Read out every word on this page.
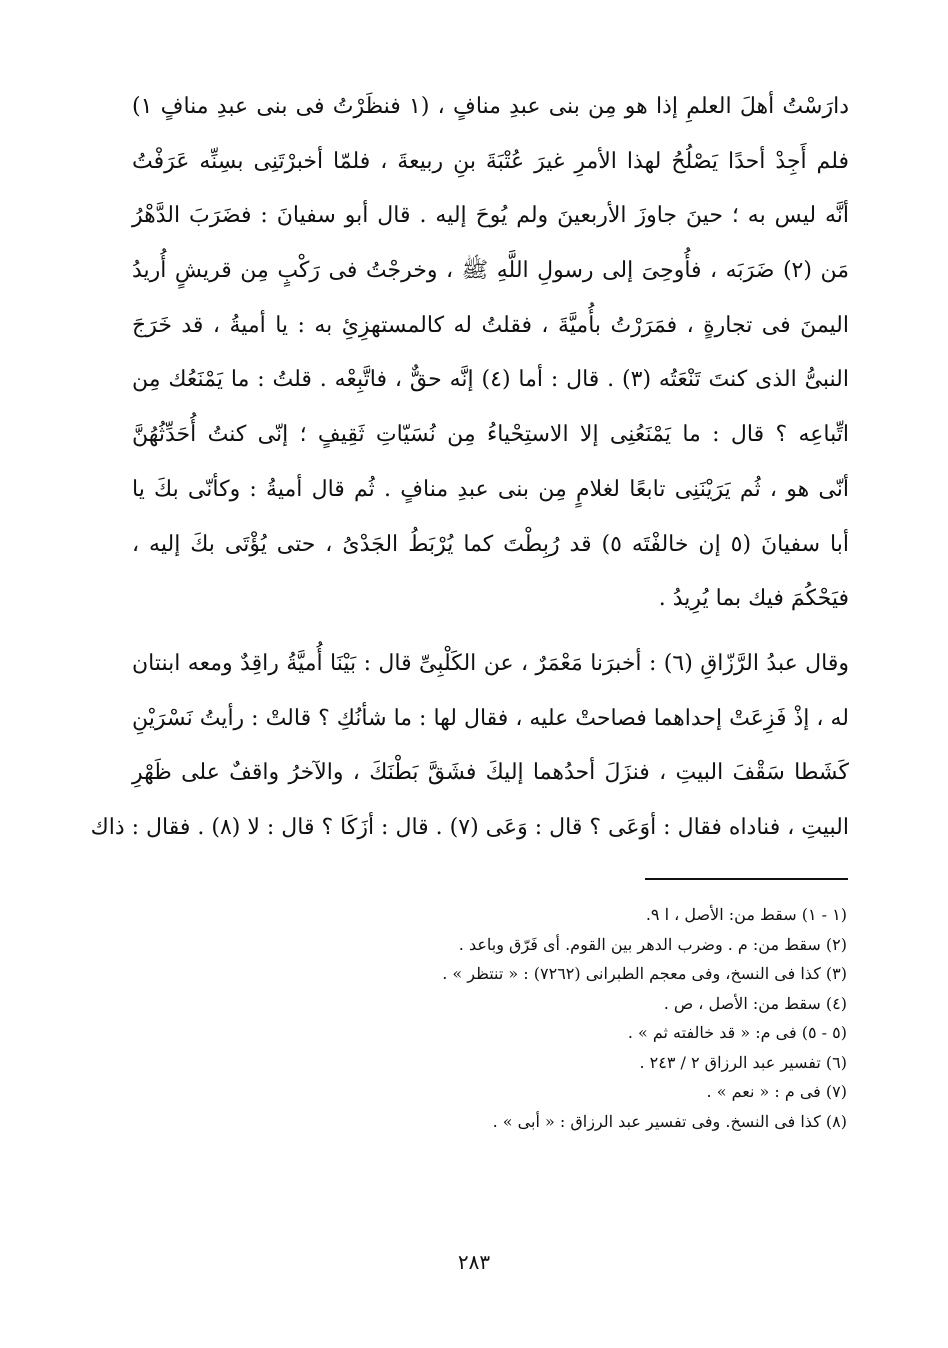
دارَسْتُ أهلَ العلمِ إذا هو مِن بنى عبدِ منافٍ ، (١ فنظَرْتُ فى بنى عبدِ منافٍ ١)
فلم أَجِدْ أحدًا يَصْلُحُ لهذا الأمرِ غيرَ عُتْبَةَ بنِ ربيعةَ ، فلمّا أخبرْتَنِى بسِنِّه عَرَفْتُ
أنَّه ليس به ؛ حينَ جاوزَ الأربعينَ ولم يُوحَ إليه . قال أبو سفيانَ : فضَرَبَ الدَّهْرُ
مَن (٢) ضَرَبَه ، فأُوحِىَ إلى رسولِ اللَّهِ ﷺ ، وخرجْتُ فى رَكْبٍ مِن قريشٍ أُريدُ
اليمنَ فى تجارةٍ ، فمَرَرْتُ بأُميَّةَ ، فقلتُ له كالمستهزِئِ به : يا أميةُ ، قد خَرَجَ
النبىُّ الذى كنتَ تَنْعَتُه (٣) . قال : أما (٤) إنَّه حقٌّ ، فاتَّبِعْه . قلتُ : ما يَمْنَعُك مِن
اتِّباعِه ؟ قال : ما يَمْنَعُنِى إلا الاستِحْياءُ مِن نُسَيّاتِ ثَقِيفٍ ؛ إنّى كنتُ أُحَدِّثُهُنَّ
أنّى هو ، ثُم يَرَيْنَنِى تابعًا لغلامٍ مِن بنى عبدِ منافٍ . ثُم قال أميةُ : وكأنّى بكَ يا
أبا سفيانَ (٥ إن خالفْتَه ٥) قد رُبِطْتَ كما يُرْبَطُ الجَدْىُ ، حتى يُؤْتَى بكَ إليه ،
فيَحْكُمَ فيك بما يُرِيدُ .
وقال عبدُ الرَّزّاقِ (٦) : أخبرَنا مَعْمَرٌ ، عن الكَلْبِىِّ قال : بَيْنَا أُميَّةُ راقِدٌ ومعه ابنتان
له ، إذْ فَزِعَتْ إحداهما فصاحتْ عليه ، فقال لها : ما شأنُكِ ؟ قالتْ : رأيتُ نَسْرَيْنِ
كَشَطا سَقْفَ البيتِ ، فنزَلَ أحدُهما إليكَ فشَقَّ بَطْنَكَ ، والآخرُ واقفٌ على ظَهْرِ
البيتِ ، فناداه فقال : أوَعَى ؟ قال : وَعَى (٧) . قال : أزَكَا ؟ قال : لا (٨) . فقال : ذاك
(١ - ١) سقط من: الأصل ، ا ٩.
(٢) سقط من: م . وضرب الدهر بين القوم. أى فَرّق وباعد .
(٣) كذا فى النسخ، وفى معجم الطبرانى (٧٢٦٢) : « تنتظر » .
(٤) سقط من: الأصل ، ص .
(٥ - ٥) فى م: « قد خالفته ثم » .
(٦) تفسير عبد الرزاق ٢ / ٢٤٣ .
(٧) فى م : « نعم » .
(٨) كذا فى النسخ. وفى تفسير عبد الرزاق : « أبى » .
٢٨٣
